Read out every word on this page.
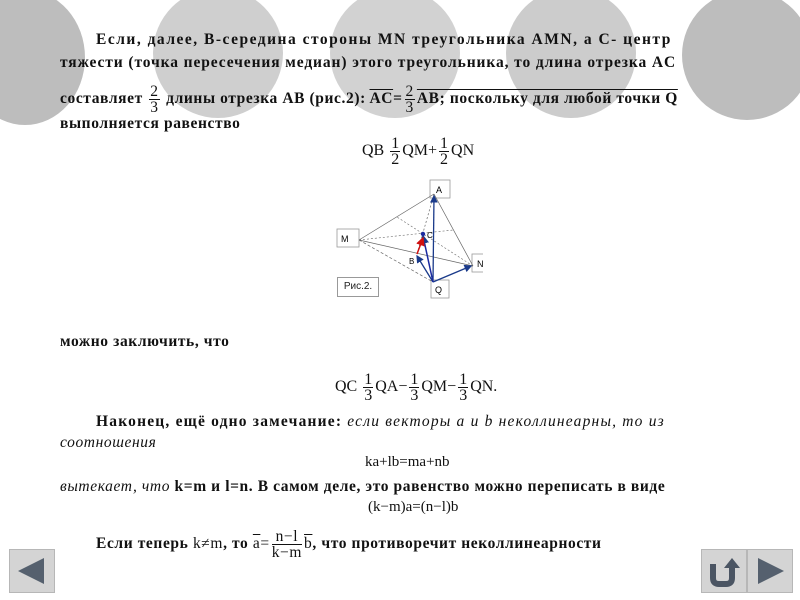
Если, далее, В-середина стороны MN треугольника AMN, а С- центр
тяжести (точка пересечения медиан) этого треугольника, то длина отрезка AC
составляет $\frac{2}{3}$ длины отрезка AB (рис.2): $\overline{AC}= \frac{2}{3}$ AB; поскольку для любой точки Q
выполняется равенство
QB $\frac{1}{2} QM+ \frac{1}{2}$ QN
A
M
N
Q
C
B
Рис.2.
можно заключить, что
QC $\frac{1}{3} QA- \frac{1}{3} QM- \frac{1}{3}$ QN.
Наконец, ещё одно замечание: если векторы a и b неколлинеарны, то из
соотношения
ka+lb=ma+nb
вытекает, что k=m и l=n. В самом деле, это равенство можно переписать в виде
(k−m)a=(n−l)b
Если теперь k≠m, то $\overline{a}= \frac{n-l}{k-m} \overline{b}$, что противоречит неколлинеарности
